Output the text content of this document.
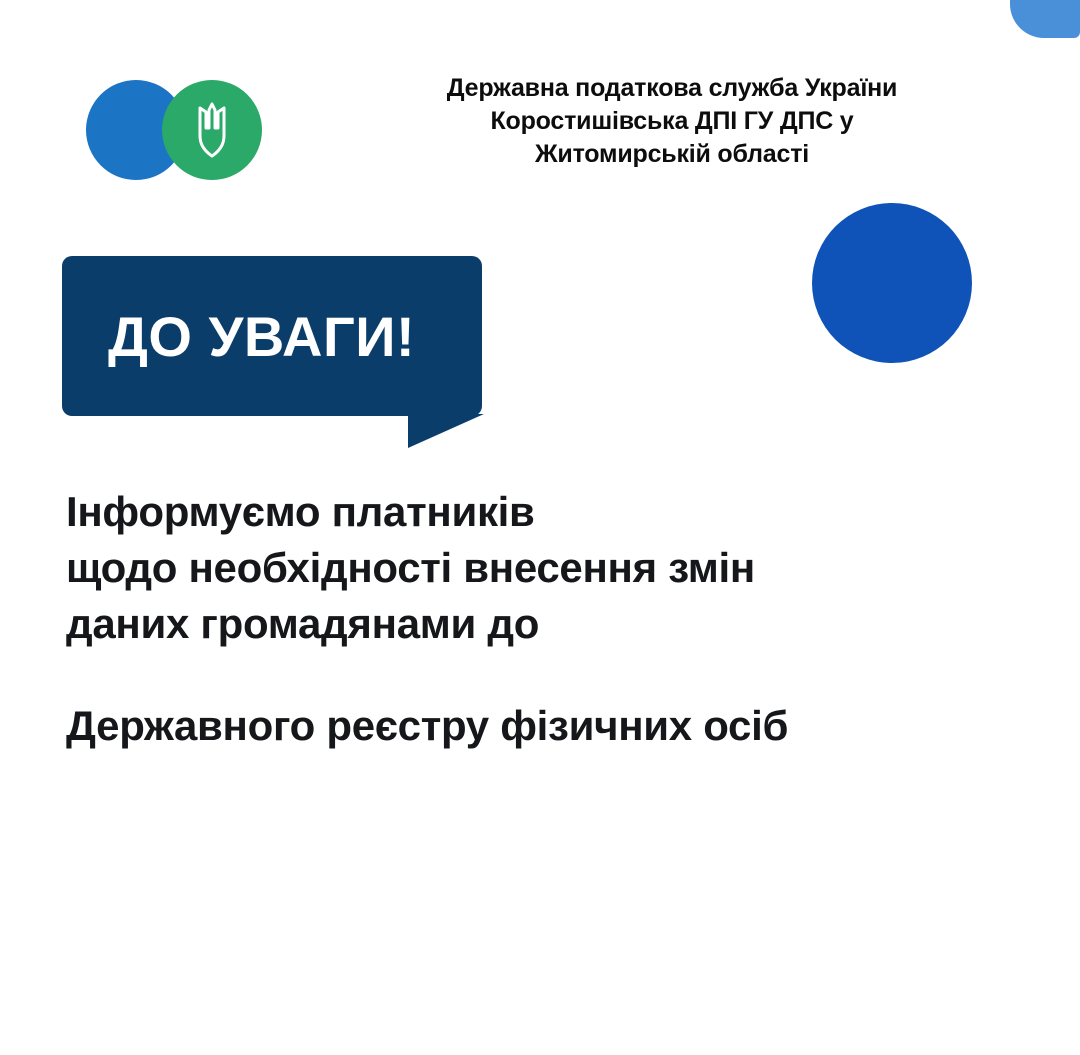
Державна податкова служба України
Коростишівська ДПІ ГУ ДПС у
Житомирській області
ДО УВАГИ!
Інформуємо платників
щодо необхідності внесення змін
даних громадянами до
Державного реєстру фізичних осіб
